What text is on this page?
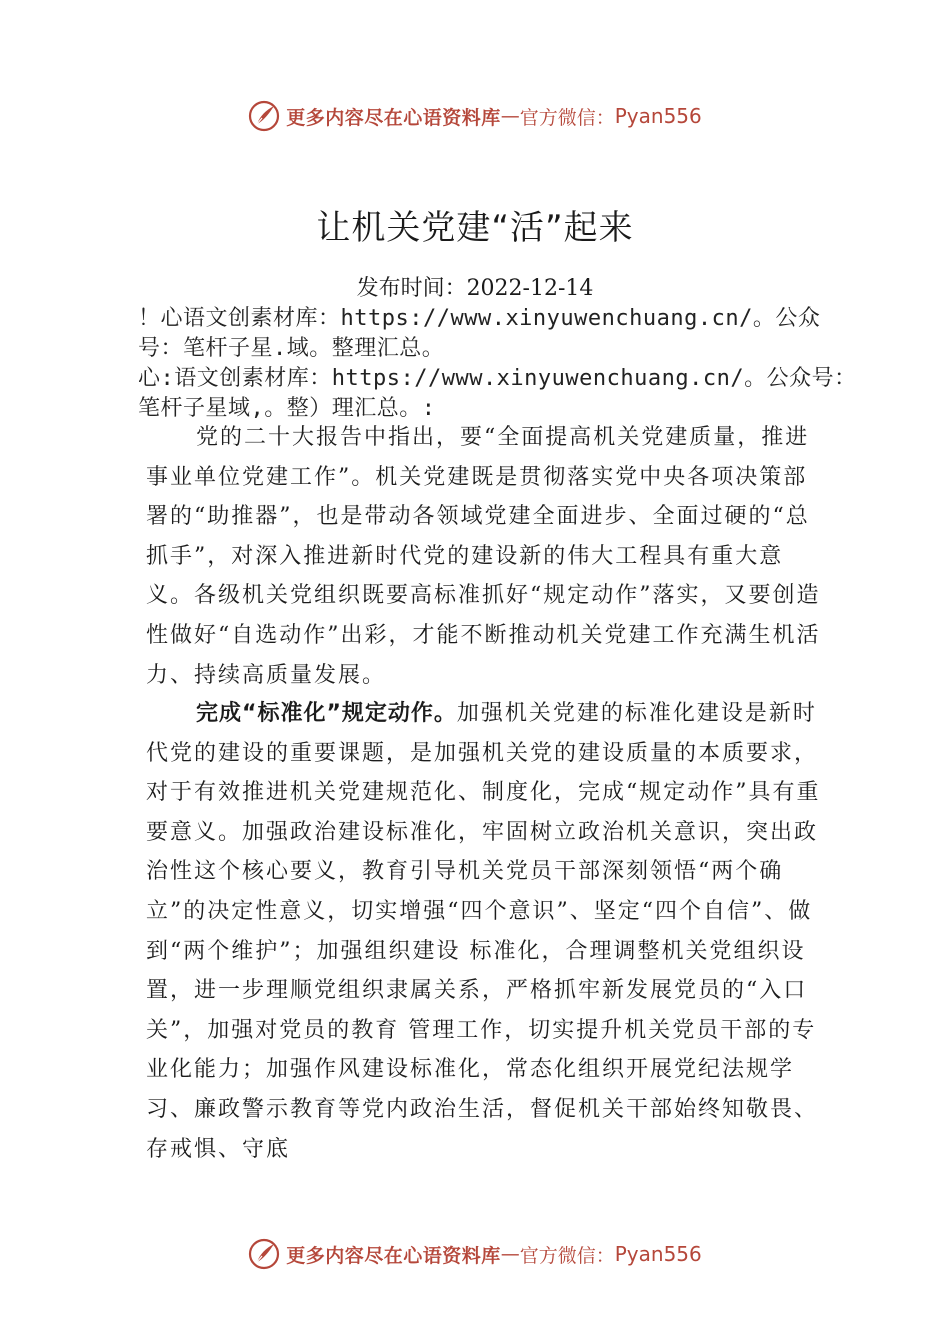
更多内容尽在心语资料库 — 官方微信： Pyan556
让机关党建“活”起来
发布时间：2022-12-14
！心语文创素材库：https://www.xinyuwenchuang.cn/。公众号：笔杆子星.域。整理汇总。
心:语文创素材库：https://www.xinyuwenchuang.cn/。公众号：笔杆子星域,。整）理汇总。:
党的二十大报告中指出，要“全面提高机关党建质量，推进事业单位党建工作”。机关党建既是贯彻落实党中央各项决策部署的“助推器”，也是带动各领域党建全面进步、全面过硬的“总抓手”，对深入推进新时代党的建设新的伟大工程具有重大意义。各级机关党组织既要高标准抓好“规定动作”落实，又要创造性做好“自选动作”出彩，才能不断推动机关党建工作充满生机活力、持续高质量发展。
完成“标准化”规定动作。加强机关党建的标准化建设是新时代党的建设的重要课题，是加强机关党的建设质量的本质要求，对于有效推进机关党建规范化、制度化，完成“规定动作”具有重要意义。加强政治建设标准化，牢固树立政治机关意识，突出政治性这个核心要义，教育引导机关党员干部深刻领悟“两个确立”的决定性意义，切实增强“四个意识”、坚定“四个自信”、做到“两个维护”；加强组织建设 标准化，合理调整机关党组织设置，进一步理顺党组织隶属关系，严格抓牢新发展党员的“入口关”，加强对党员的教育 管理工作，切实提升机关党员干部的专业化能力；加强作风建设标准化，常态化组织开展党纪法规学习、廉政警示教育等党内政治生活，督促机关干部始终知敬畏、存戒惧、守底
更多内容尽在心语资料库 — 官方微信： Pyan556
